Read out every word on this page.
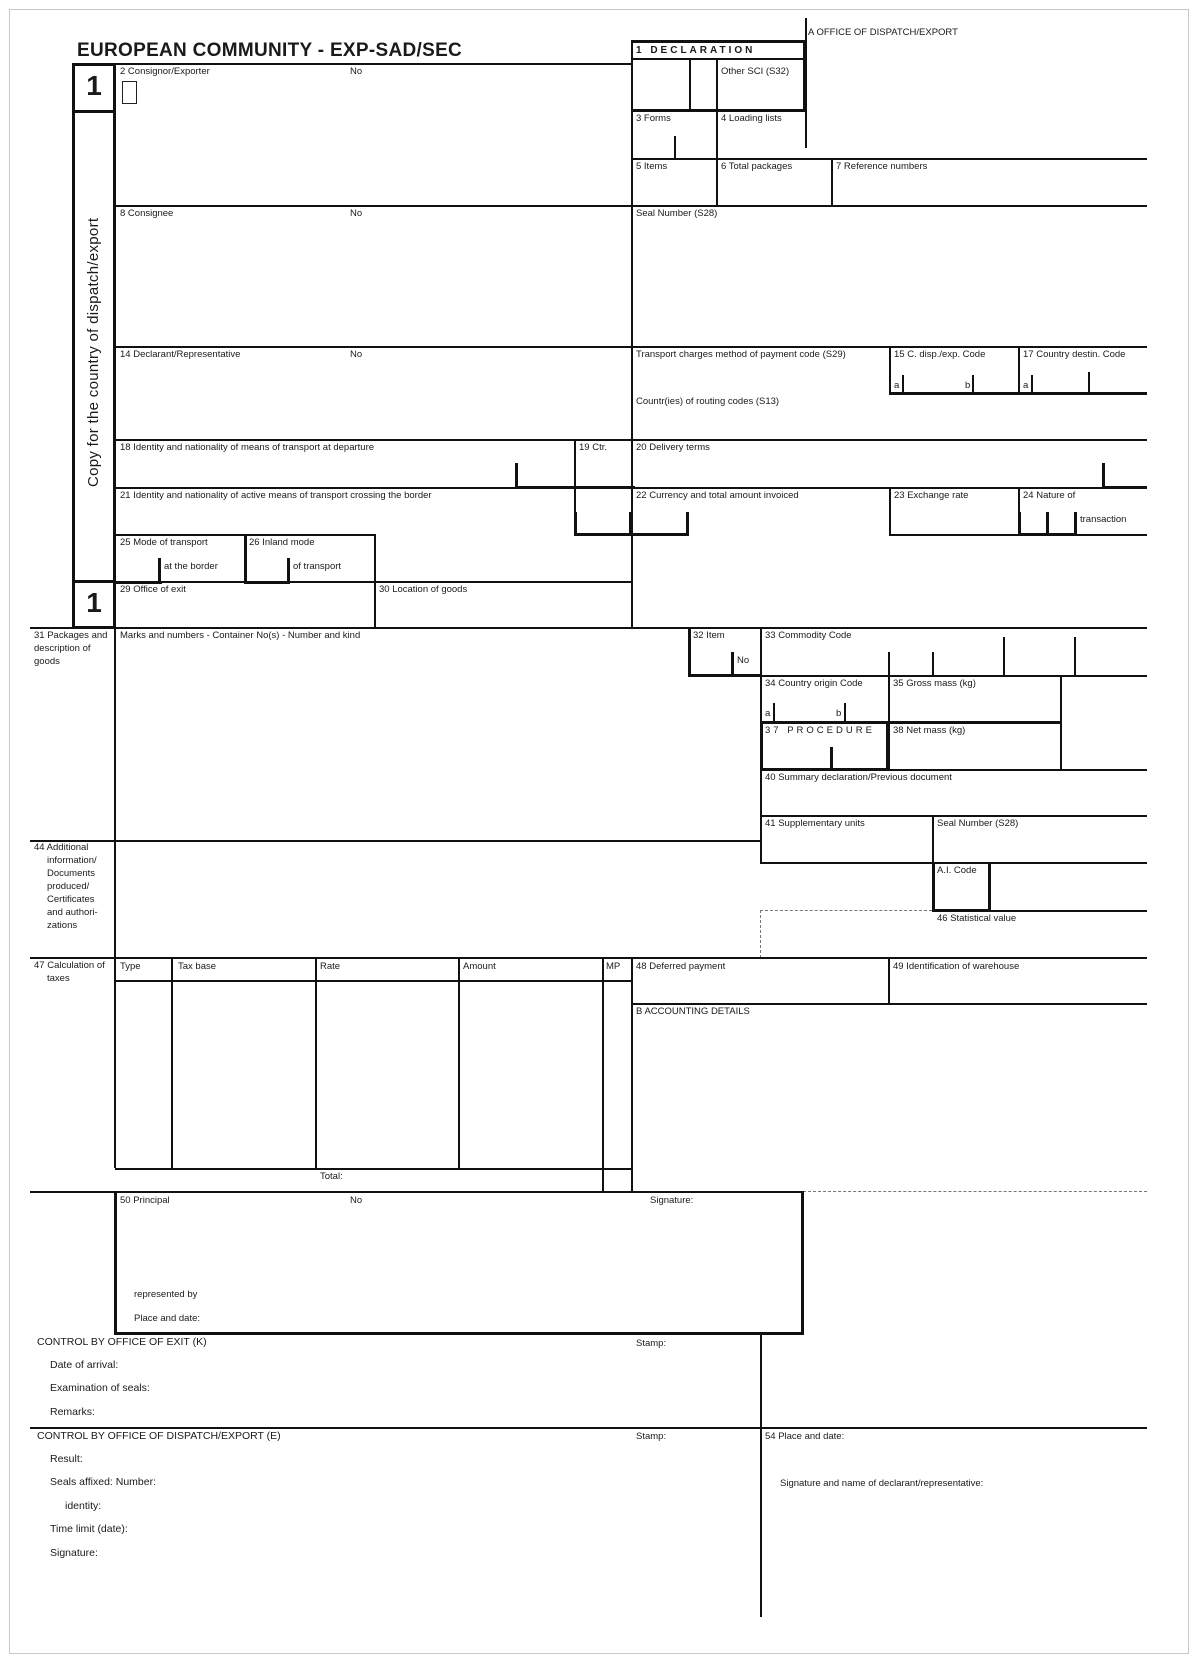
EUROPEAN COMMUNITY - EXP-SAD/SEC
A OFFICE OF DISPATCH/EXPORT
1
1
Copy for the country of dispatch/export
2 Consignor/Exporter	No
8 Consignee	No
14 Declarant/Representative	No
1 DECLARATION
Other SCI (S32)
3 Forms	4 Loading lists
5 Items	6 Total packages	7 Reference numbers
Seal Number (S28)
Transport charges method of payment code (S29)	15 C. disp./exp. Code	17 Country destin. Code
a	b	a
Countr(ies) of routing codes (S13)
18 Identity and nationality of means of transport at departure	19 Ctr.	20 Delivery terms
21 Identity and nationality of active means of transport crossing the border	22 Currency and total amount invoiced	23 Exchange rate	24 Nature of
transaction
25 Mode of transport
at the border
26 Inland mode
of transport
29 Office of exit	30 Location of goods
31 Packages and description of goods
Marks and numbers - Container No(s) - Number and kind	32 Item
No
33 Commodity Code
34 Country origin Code
a	b
35 Gross mass (kg)
37 PROCEDURE 38 Net mass (kg)
40 Summary declaration/Previous document
41 Supplementary units	Seal Number (S28)
44 Additional information/ Documents produced/ Certificates and authori-zations
A.I. Code
46 Statistical value
47 Calculation of taxes
Type	Tax base	Rate	Amount	MP
Total:
48 Deferred payment	49 Identification of warehouse
B ACCOUNTING DETAILS
50 Principal	No	Signature:
represented by
Place and date:
CONTROL BY OFFICE OF EXIT (K)	Stamp:
Date of arrival:
Examination of seals:
Remarks:
CONTROL BY OFFICE OF DISPATCH/EXPORT (E)	Stamp:	54 Place and date:
Result:
Seals affixed: Number:	Signature and name of declarant/representative:
identity:
Time limit (date):
Signature:
